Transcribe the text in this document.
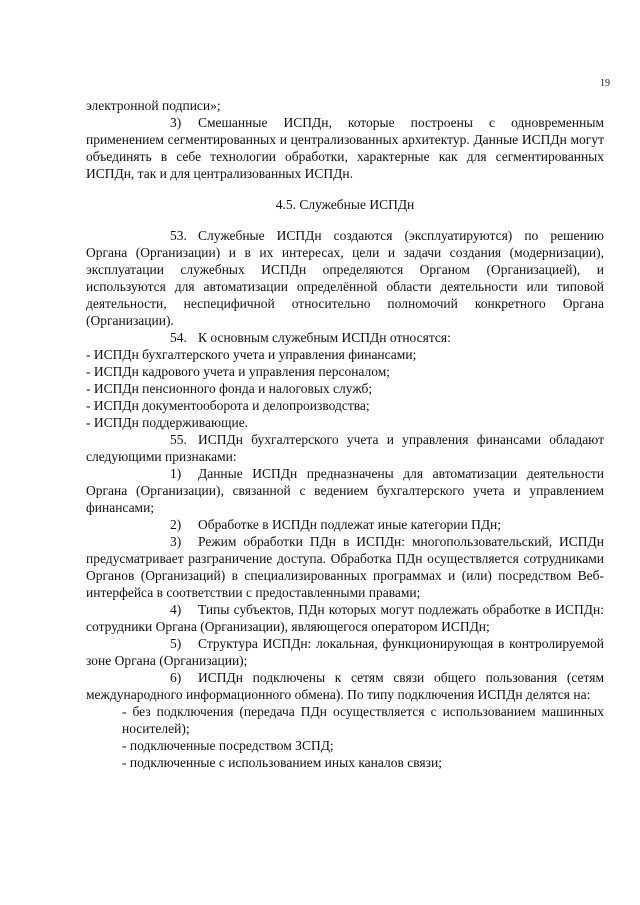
19

электронной подписи»;

3) Смешанные ИСПДн, которые построены с одновременным применением сегментированных и централизованных архитектур. Данные ИСПДн могут объединять в себе технологии обработки, характерные как для сегментированных ИСПДн, так и для централизованных ИСПДн.

4.5. Служебные ИСПДн

53. Служебные ИСПДн создаются (эксплуатируются) по решению Органа (Организации) и в их интересах, цели и задачи создания (модернизации), эксплуатации служебных ИСПДн определяются Органом (Организацией), и используются для автоматизации определённой области деятельности или типовой деятельности, неспецифичной относительно полномочий конкретного Органа (Организации).

54. К основным служебным ИСПДн относятся:

- ИСПДн бухгалтерского учета и управления финансами;

- ИСПДн кадрового учета и управления персоналом;

- ИСПДн пенсионного фонда и налоговых служб;

- ИСПДн документооборота и делопроизводства;

- ИСПДн поддерживающие.

55. ИСПДн бухгалтерского учета и управления финансами обладают следующими признаками:

1) Данные ИСПДн предназначены для автоматизации деятельности Органа (Организации), связанной с ведением бухгалтерского учета и управлением финансами;

2) Обработке в ИСПДн подлежат иные категории ПДн;

3) Режим обработки ПДн в ИСПДн: многопользовательский, ИСПДн предусматривает разграничение доступа. Обработка ПДн осуществляется сотрудниками Органов (Организаций) в специализированных программах и (или) посредством Веб-интерфейса в соответствии с предоставленными правами;

4) Типы субъектов, ПДн которых могут подлежать обработке в ИСПДн: сотрудники Органа (Организации), являющегося оператором ИСПДн;

5) Структура ИСПДн: локальная, функционирующая в контролируемой зоне Органа (Организации);

6) ИСПДн подключены к сетям связи общего пользования (сетям международного информационного обмена). По типу подключения ИСПДн делятся на:

- без подключения (передача ПДн осуществляется с использованием машинных носителей);

- подключенные посредством ЗСПД;

- подключенные с использованием иных каналов связи;
